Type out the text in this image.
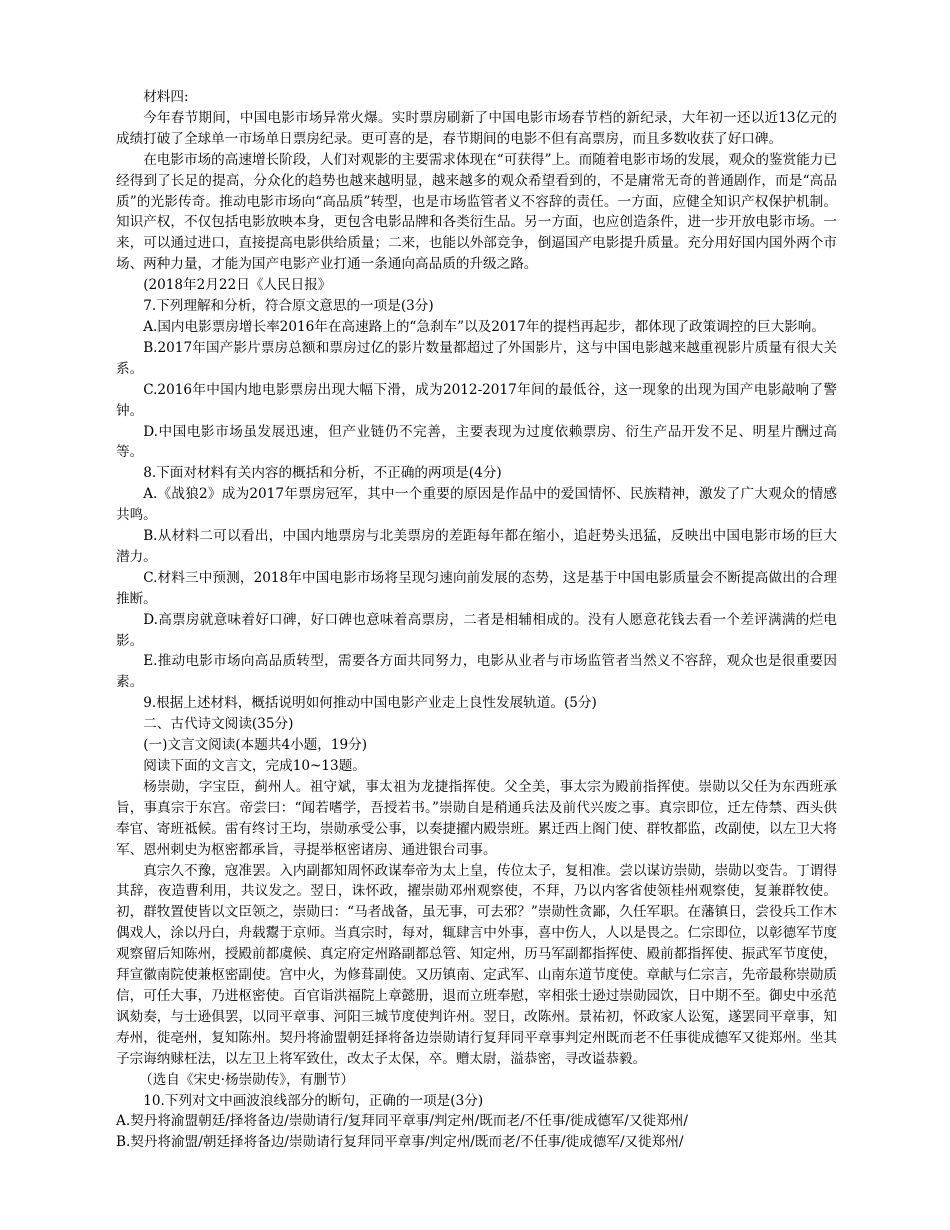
材料四:

今年春节期间，中国电影市场异常火爆。实时票房刷新了中国电影市场春节档的新纪录，大年初一还以近13亿元的成绩打破了全球单一市场单日票房纪录。更可喜的是，春节期间的电影不但有高票房，而且多数收获了好口碑。

在电影市场的高速增长阶段，人们对观影的主要需求体现在“可获得”上。而随着电影市场的发展，观众的鉴赏能力已经得到了长足的提高，分众化的趋势也越来越明显，越来越多的观众希望看到的，不是庸常无奇的普通剧作，而是“高品质”的光影传奇。推动电影市场向“高品质”转型，也是市场监管者义不容辞的责任。一方面，应健全知识产权保护机制。知识产权，不仅包括电影放映本身，更包含电影品牌和各类衍生品。另一方面，也应创造条件，进一步开放电影市场。一来，可以通过进口，直接提高电影供给质量；二来，也能以外部竞争，倒逼国产电影提升质量。充分用好国内国外两个市场、两种力量，才能为国产电影产业打通一条通向高品质的升级之路。

(2018年2月22日《人民日报》

7.下列理解和分析，符合原文意思的一项是(3分)

A.国内电影票房增长率2016年在高速路上的“急刹车”以及2017年的提档再起步，都体现了政策调控的巨大影响。

B.2017年国产影片票房总额和票房过亿的影片数量都超过了外国影片，这与中国电影越来越重视影片质量有很大关系。

C.2016年中国内地电影票房出现大幅下滑，成为2012-2017年间的最低谷，这一现象的出现为国产电影敲响了警钟。

D.中国电影市场虽发展迅速，但产业链仍不完善，主要表现为过度依赖票房、衍生产品开发不足、明星片酬过高等。

8.下面对材料有关内容的概括和分析，不正确的两项是(4分)

A.《战狼2》成为2017年票房冠军，其中一个重要的原因是作品中的爱国情怀、民族精神，激发了广大观众的情感共鸣。

B.从材料二可以看出，中国内地票房与北美票房的差距每年都在缩小，追赶势头迅猛，反映出中国电影市场的巨大潜力。

C.材料三中预测，2018年中国电影市场将呈现匀速向前发展的态势，这是基于中国电影质量会不断提高做出的合理推断。

D.高票房就意味着好口碑，好口碑也意味着高票房，二者是相辅相成的。没有人愿意花钱去看一个差评满满的烂电影。

E.推动电影市场向高品质转型，需要各方面共同努力，电影从业者与市场监管者当然义不容辞，观众也是很重要因素。

9.根据上述材料，概括说明如何推动中国电影产业走上良性发展轨道。(5分)

二、古代诗文阅读(35分)

(一)文言文阅读(本题共4小题，19分)

阅读下面的文言文，完成10~13题。

杨崇勋，字宝臣，蓟州人。祖守斌，事太祖为龙捷指挥使。父全美，事太宗为殿前指挥使。崇勋以父任为东西班承旨，事真宗于东宫。帝尝曰：“闻若嗜学，吾授若书。”崇勋自是稍通兵法及前代兴废之事。真宗即位，迁左侍禁、西头供奉官、寄班祗候。雷有终讨王均，崇勋承受公事，以奏捷擢内殿崇班。累迁西上阁门使、群牧都监，改副使，以左卫大将军、恩州刺史为枢密都承旨，寻提举枢密诸房、通进银台司事。

真宗久不豫，寇准罢。入内副都知周怀政谋奉帝为太上皇，传位太子，复相准。尝以谋访崇勋，崇勋以变告。丁谓得其辞，夜造曹利用，共议发之。翌日，诛怀政，擢崇勋邓州观察使，不拜，乃以内客省使领桂州观察使，复兼群牧使。初，群牧置使皆以文臣领之，崇勋曰：“马者战备，虽无事，可去邪？”崇勋性贪鄙，久任军职。在藩镇日，尝役兵工作木偶戏人，涂以丹白，舟载鬻于京师。当真宗时，每对，辄肆言中外事，喜中伤人，人以是畏之。仁宗即位，以彰德军节度观察留后知陈州，授殿前都虞候、真定府定州路副都总管、知定州，历马军副都指挥使、殿前都指挥使、振武军节度使，拜宣徽南院使兼枢密副使。宫中火，为修葺副使。又历镇南、定武军、山南东道节度使。章献与仁宗言，先帝最称崇勋质信，可任大事，乃进枢密使。百官诣洪福院上章懿册，退而立班奉慰，宰相张士逊过崇勋园饮，日中期不至。御史中丞范讽劾奏，与士逊俱罢，以同平章事、河阳三城节度使判许州。翌日，改陈州。景祐初，怀政家人讼冤，遂罢同平章事，知寿州，徙亳州，复知陈州。契丹将渝盟朝廷择将备边崇勋请行复拜同平章事判定州既而老不任事徙成德军又徙郑州。坐其子宗诲纳赇枉法，以左卫上将军致仕，改太子太保，卒。赠太尉，溢恭密，寻改谥恭毅。

（选自《宋史·杨崇勋传》，有删节）

10.下列对文中画波浪线部分的断句，正确的一项是(3分)

A.契丹将渝盟朝廷/择将备边/崇勋请行/复拜同平章事/判定州/既而老/不任事/徙成德军/又徙郑州/

B.契丹将渝盟/朝廷择将备边/崇勋请行复拜同平章事/判定州/既而老/不任事/徙成德军/又徙郑州/
